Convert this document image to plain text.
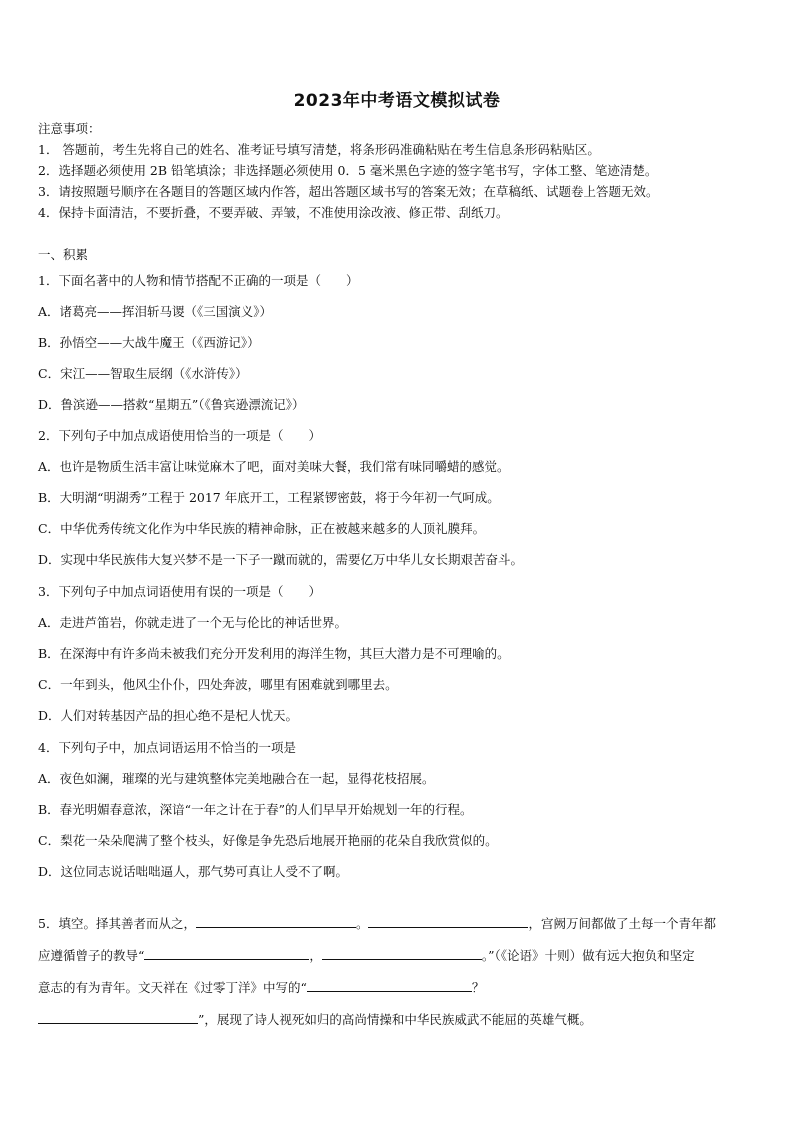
2023年中考语文模拟试卷
注意事项：
1． 答题前，考生先将自己的姓名、准考证号填写清楚，将条形码准确粘贴在考生信息条形码粘贴区。
2．选择题必须使用 2B 铅笔填涂；非选择题必须使用 0．5 毫米黑色字迹的签字笔书写，字体工整、笔迹清楚。
3．请按照题号顺序在各题目的答题区域内作答，超出答题区域书写的答案无效；在草稿纸、试题卷上答题无效。
4．保持卡面清洁，不要折叠，不要弄破、弄皱，不准使用涂改液、修正带、刮纸刀。
一、积累
1．下面名著中的人物和情节搭配不正确的一项是（　　）
A．诸葛亮——挥泪斩马谡（《三国演义》）
B．孙悟空——大战牛魔王（《西游记》）
C．宋江——智取生辰纲（《水浒传》）
D．鲁滨逊——搭救“星期五”（《鲁宾逊漂流记》）
2．下列句子中加点成语使用恰当的一项是（　　）
A．也许是物质生活丰富让味觉麻木了吧，面对美味大餐，我们常有味同嚼蜡的感觉。
B．大明湖“明湖秀”工程于 2017 年底开工，工程紧锣密鼓，将于今年初一气呵成。
C．中华优秀传统文化作为中华民族的精神命脉，正在被越来越多的人顶礼膜拜。
D．实现中华民族伟大复兴梦不是一下子一蹴而就的，需要亿万中华儿女长期艰苦奋斗。
3．下列句子中加点词语使用有误的一项是（　　）
A．走进芦笛岩，你就走进了一个无与伦比的神话世界。
B．在深海中有许多尚未被我们充分开发利用的海洋生物，其巨大潜力是不可理喻的。
C．一年到头，他风尘仆仆，四处奔波，哪里有困难就到哪里去。
D．人们对转基因产品的担心绝不是杞人忧天。
4．下列句子中，加点词语运用不恰当的一项是
A．夜色如澜，璀璨的光与建筑整体完美地融合在一起，显得花枝招展。
B．春光明媚春意浓，深谙“一年之计在于春”的人们早早开始规划一年的行程。
C．梨花一朵朵爬满了整个枝头，好像是争先恐后地展开艳丽的花朵自我欣赏似的。
D．这位同志说话咄咄逼人，那气势可真让人受不了啊。
5．填空。择其善者而从之，	。	，宫阙万间都做了土每一个青年都
应遵循曾子的教导“	，	。”（《论语》十则）做有远大抱负和坚定
意志的有为青年。文天祥在《过零丁洋》中写的“	？
”，展现了诗人视死如归的高尚情操和中华民族威武不能屈的英雄气概。
